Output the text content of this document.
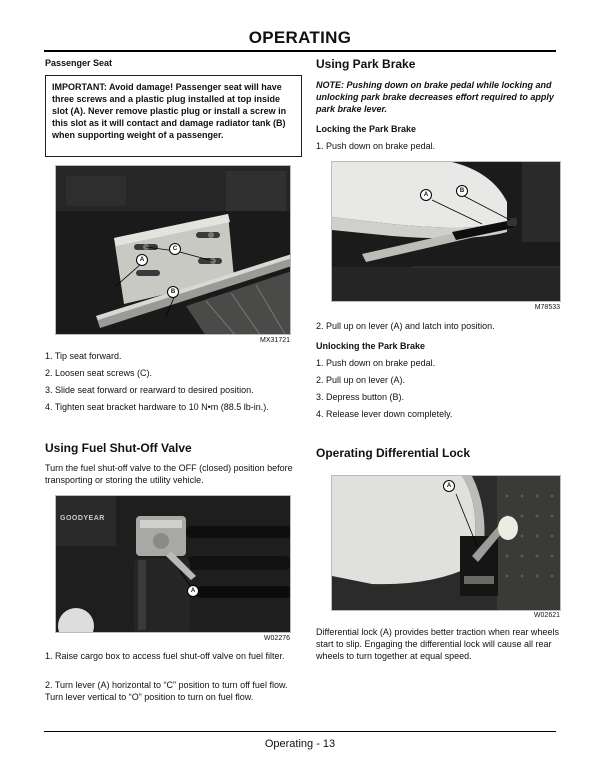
OPERATING
Passenger Seat
IMPORTANT: Avoid damage! Passenger seat will have three screws and a plastic plug installed at top inside slot (A). Never remove plastic plug or install a screw in this slot as it will contact and damage radiator tank (B) when supporting weight of a passenger.
A
B
C
MX31721
1. Tip seat forward.
2. Loosen seat screws (C).
3. Slide seat forward or rearward to desired position.
4. Tighten seat bracket hardware to 10 N•m (88.5 lb-in.).
Using Fuel Shut-Off Valve
Turn the fuel shut-off valve to the OFF (closed) position before transporting or storing the utility vehicle.
GOODYEAR
A
W02276
1. Raise cargo box to access fuel shut-off valve on fuel filter.
2. Turn lever (A) horizontal to “C” position to turn off fuel flow. Turn lever vertical to “O” position to turn on fuel flow.
Using Park Brake
NOTE: Pushing down on brake pedal while locking and unlocking park brake decreases effort required to apply park brake lever.
Locking the Park Brake
1. Push down on brake pedal.
A
B
M78533
2. Pull up on lever (A) and latch into position.
Unlocking the Park Brake
1. Push down on brake pedal.
2. Pull up on lever (A).
3. Depress button (B).
4. Release lever down completely.
Operating Differential Lock
A
W02621
Differential lock (A) provides better traction when rear wheels start to slip. Engaging the differential lock will cause all rear wheels to turn together at equal speed.
Operating - 13
